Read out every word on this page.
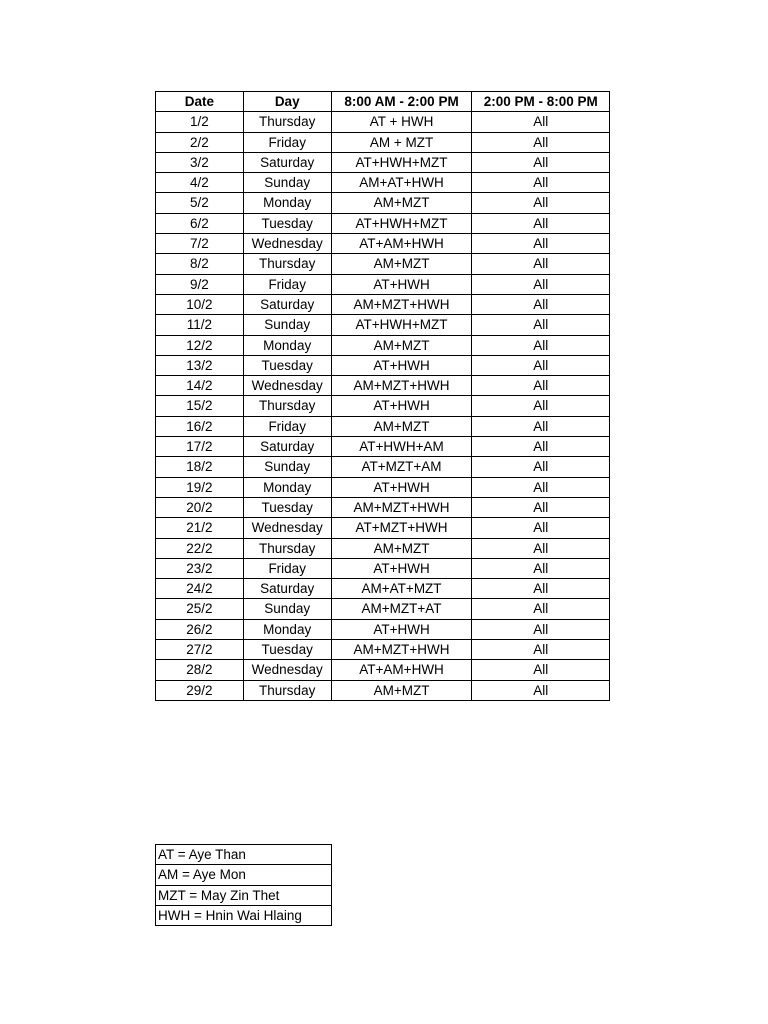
Date	Day	8:00 AM - 2:00 PM	2:00 PM - 8:00 PM
1/2	Thursday	AT + HWH	All
2/2	Friday	AM + MZT	All
3/2	Saturday	AT+HWH+MZT	All
4/2	Sunday	AM+AT+HWH	All
5/2	Monday	AM+MZT	All
6/2	Tuesday	AT+HWH+MZT	All
7/2	Wednesday	AT+AM+HWH	All
8/2	Thursday	AM+MZT	All
9/2	Friday	AT+HWH	All
10/2	Saturday	AM+MZT+HWH	All
11/2	Sunday	AT+HWH+MZT	All
12/2	Monday	AM+MZT	All
13/2	Tuesday	AT+HWH	All
14/2	Wednesday	AM+MZT+HWH	All
15/2	Thursday	AT+HWH	All
16/2	Friday	AM+MZT	All
17/2	Saturday	AT+HWH+AM	All
18/2	Sunday	AT+MZT+AM	All
19/2	Monday	AT+HWH	All
20/2	Tuesday	AM+MZT+HWH	All
21/2	Wednesday	AT+MZT+HWH	All
22/2	Thursday	AM+MZT	All
23/2	Friday	AT+HWH	All
24/2	Saturday	AM+AT+MZT	All
25/2	Sunday	AM+MZT+AT	All
26/2	Monday	AT+HWH	All
27/2	Tuesday	AM+MZT+HWH	All
28/2	Wednesday	AT+AM+HWH	All
29/2	Thursday	AM+MZT	All
AT = Aye Than
AM = Aye Mon
MZT = May Zin Thet
HWH = Hnin Wai Hlaing
